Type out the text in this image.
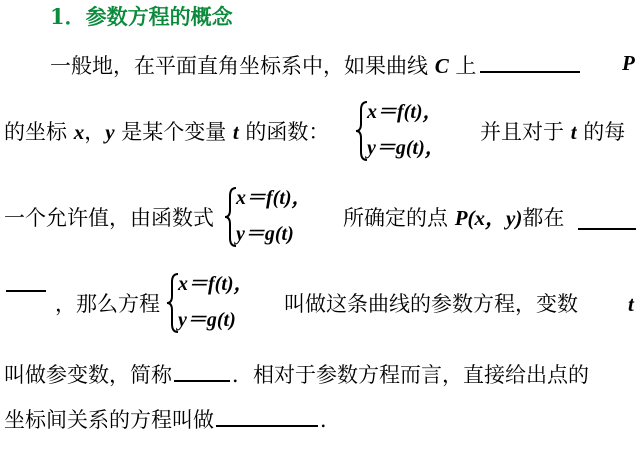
1．参数方程的概念
一般地，在平面直角坐标系中，如果曲线 C 上	P
的坐标 x，y 是某个变量 t 的函数：
x＝f(t)，
y＝g(t)，
并且对于 t 的每
一个允许值，由函数式
x＝f(t)，
y＝g(t)
所确定的点 P(x，y)都在
，那么方程
x＝f(t)，
y＝g(t)
叫做这条曲线的参数方程，变数 t
叫做参变数，简称	．相对于参数方程而言，直接给出点的
坐标间关系的方程叫做	．
